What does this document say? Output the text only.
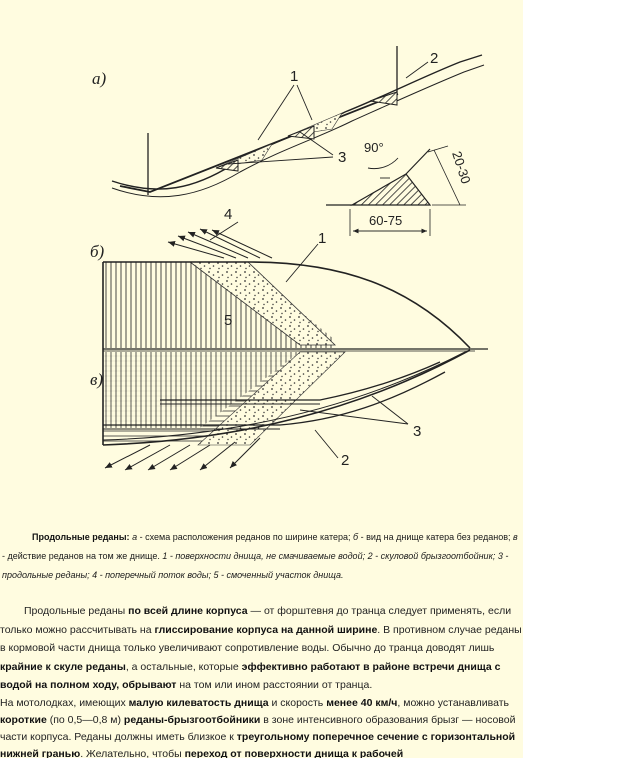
а)	1
2
3
90°
20-30
60-75
б)
в)
4
1
5
3
2

Продольные реданы: а - схема расположения реданов по ширине катера; б - вид на днище катера без реданов; в - действие реданов на том же днище. 1 - поверхности днища, не смачиваемые водой; 2 - скуловой брызгоотбойник; 3 - продольные реданы; 4 - поперечный поток воды; 5 - смоченный участок днища.

Продольные реданы по всей длине корпуса — от форштевня до транца следует применять, если только можно рассчитывать на глиссирование корпуса на данной ширине. В противном случае реданы в кормовой части днища только увеличивают сопротивление воды. Обычно до транца доводят лишь крайние к скуле реданы, а остальные, которые эффективно работают в районе встречи днища с водой на полном ходу, обрывают на том или ином расстоянии от транца.

На мотолодках, имеющих малую килеватость днища и скорость менее 40 км/ч, можно устанавливать короткие (по 0,5—0,8 м) реданы-брызгоотбойники в зоне интенсивного образования брызг — носовой части корпуса. Реданы должны иметь близкое к треугольному поперечное сечение с горизонтальной нижней гранью. Желательно, чтобы переход от поверхности днища к рабочей
